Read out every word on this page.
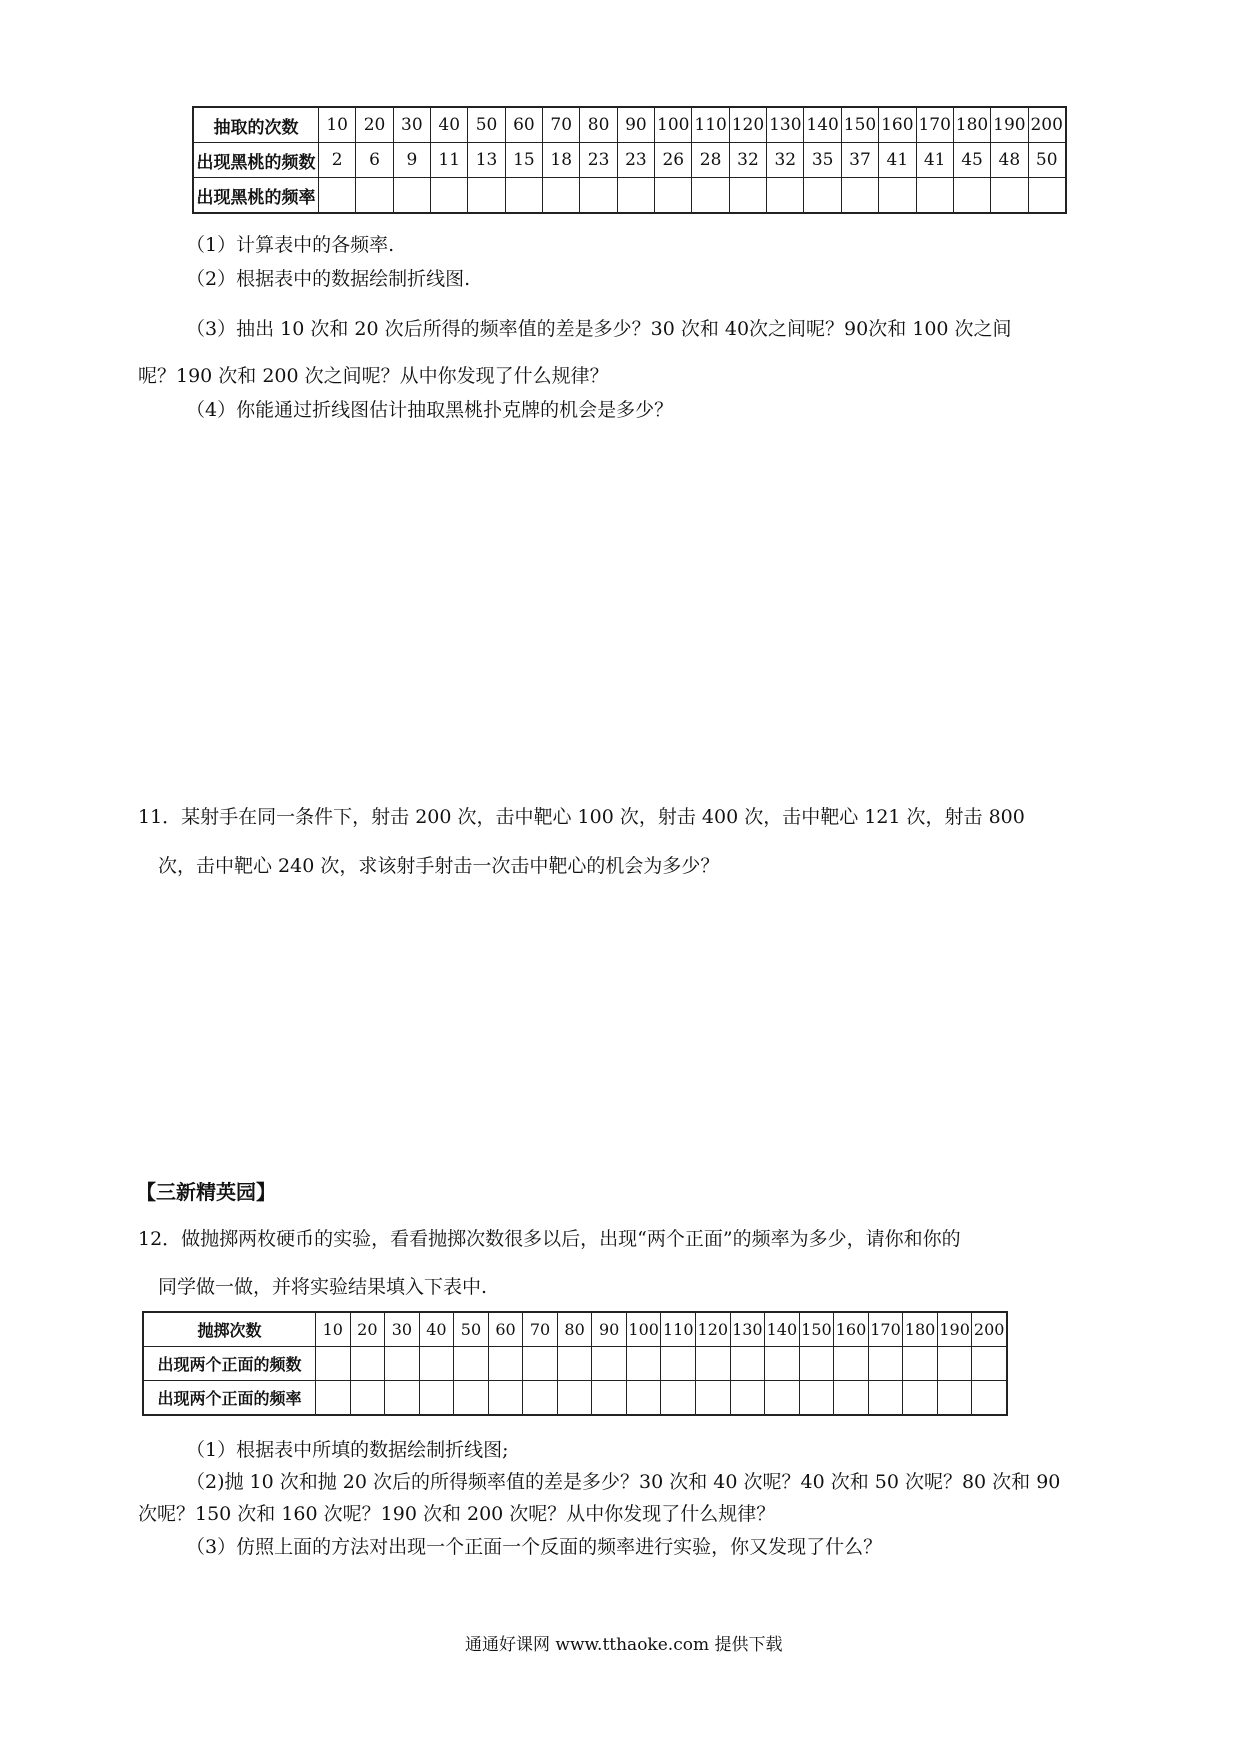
抽取的次数	10	20	30	40	50	60	70	80	90	100	110	120	130	140	150	160	170	180	190	200
出现黑桃的频数	2	6	9	11	13	15	18	23	23	26	28	32	32	35	37	41	41	45	48	50
出现黑桃的频率																				
（1）计算表中的各频率.
（2）根据表中的数据绘制折线图.
（3）抽出 10 次和 20 次后所得的频率值的差是多少？30 次和 40次之间呢？90次和 100 次之间
呢？190 次和 200 次之间呢？从中你发现了什么规律？
（4）你能通过折线图估计抽取黑桃扑克牌的机会是多少？
11．某射手在同一条件下，射击 200 次，击中靶心 100 次，射击 400 次，击中靶心 121 次，射击 800
次，击中靶心 240 次，求该射手射击一次击中靶心的机会为多少？
【三新精英园】
12．做抛掷两枚硬币的实验，看看抛掷次数很多以后，出现“两个正面”的频率为多少，请你和你的
同学做一做，并将实验结果填入下表中.
抛掷次数	10	20	30	40	50	60	70	80	90	100	110	120	130	140	150	160	170	180	190	200
出现两个正面的频数																				
出现两个正面的频率																				
（1）根据表中所填的数据绘制折线图;
（2)抛 10 次和抛 20 次后的所得频率值的差是多少？30 次和 40 次呢？40 次和 50 次呢？80 次和 90
次呢？150 次和 160 次呢？190 次和 200 次呢？从中你发现了什么规律？
（3）仿照上面的方法对出现一个正面一个反面的频率进行实验，你又发现了什么？
通通好课网 www.tthaoke.com 提供下载
